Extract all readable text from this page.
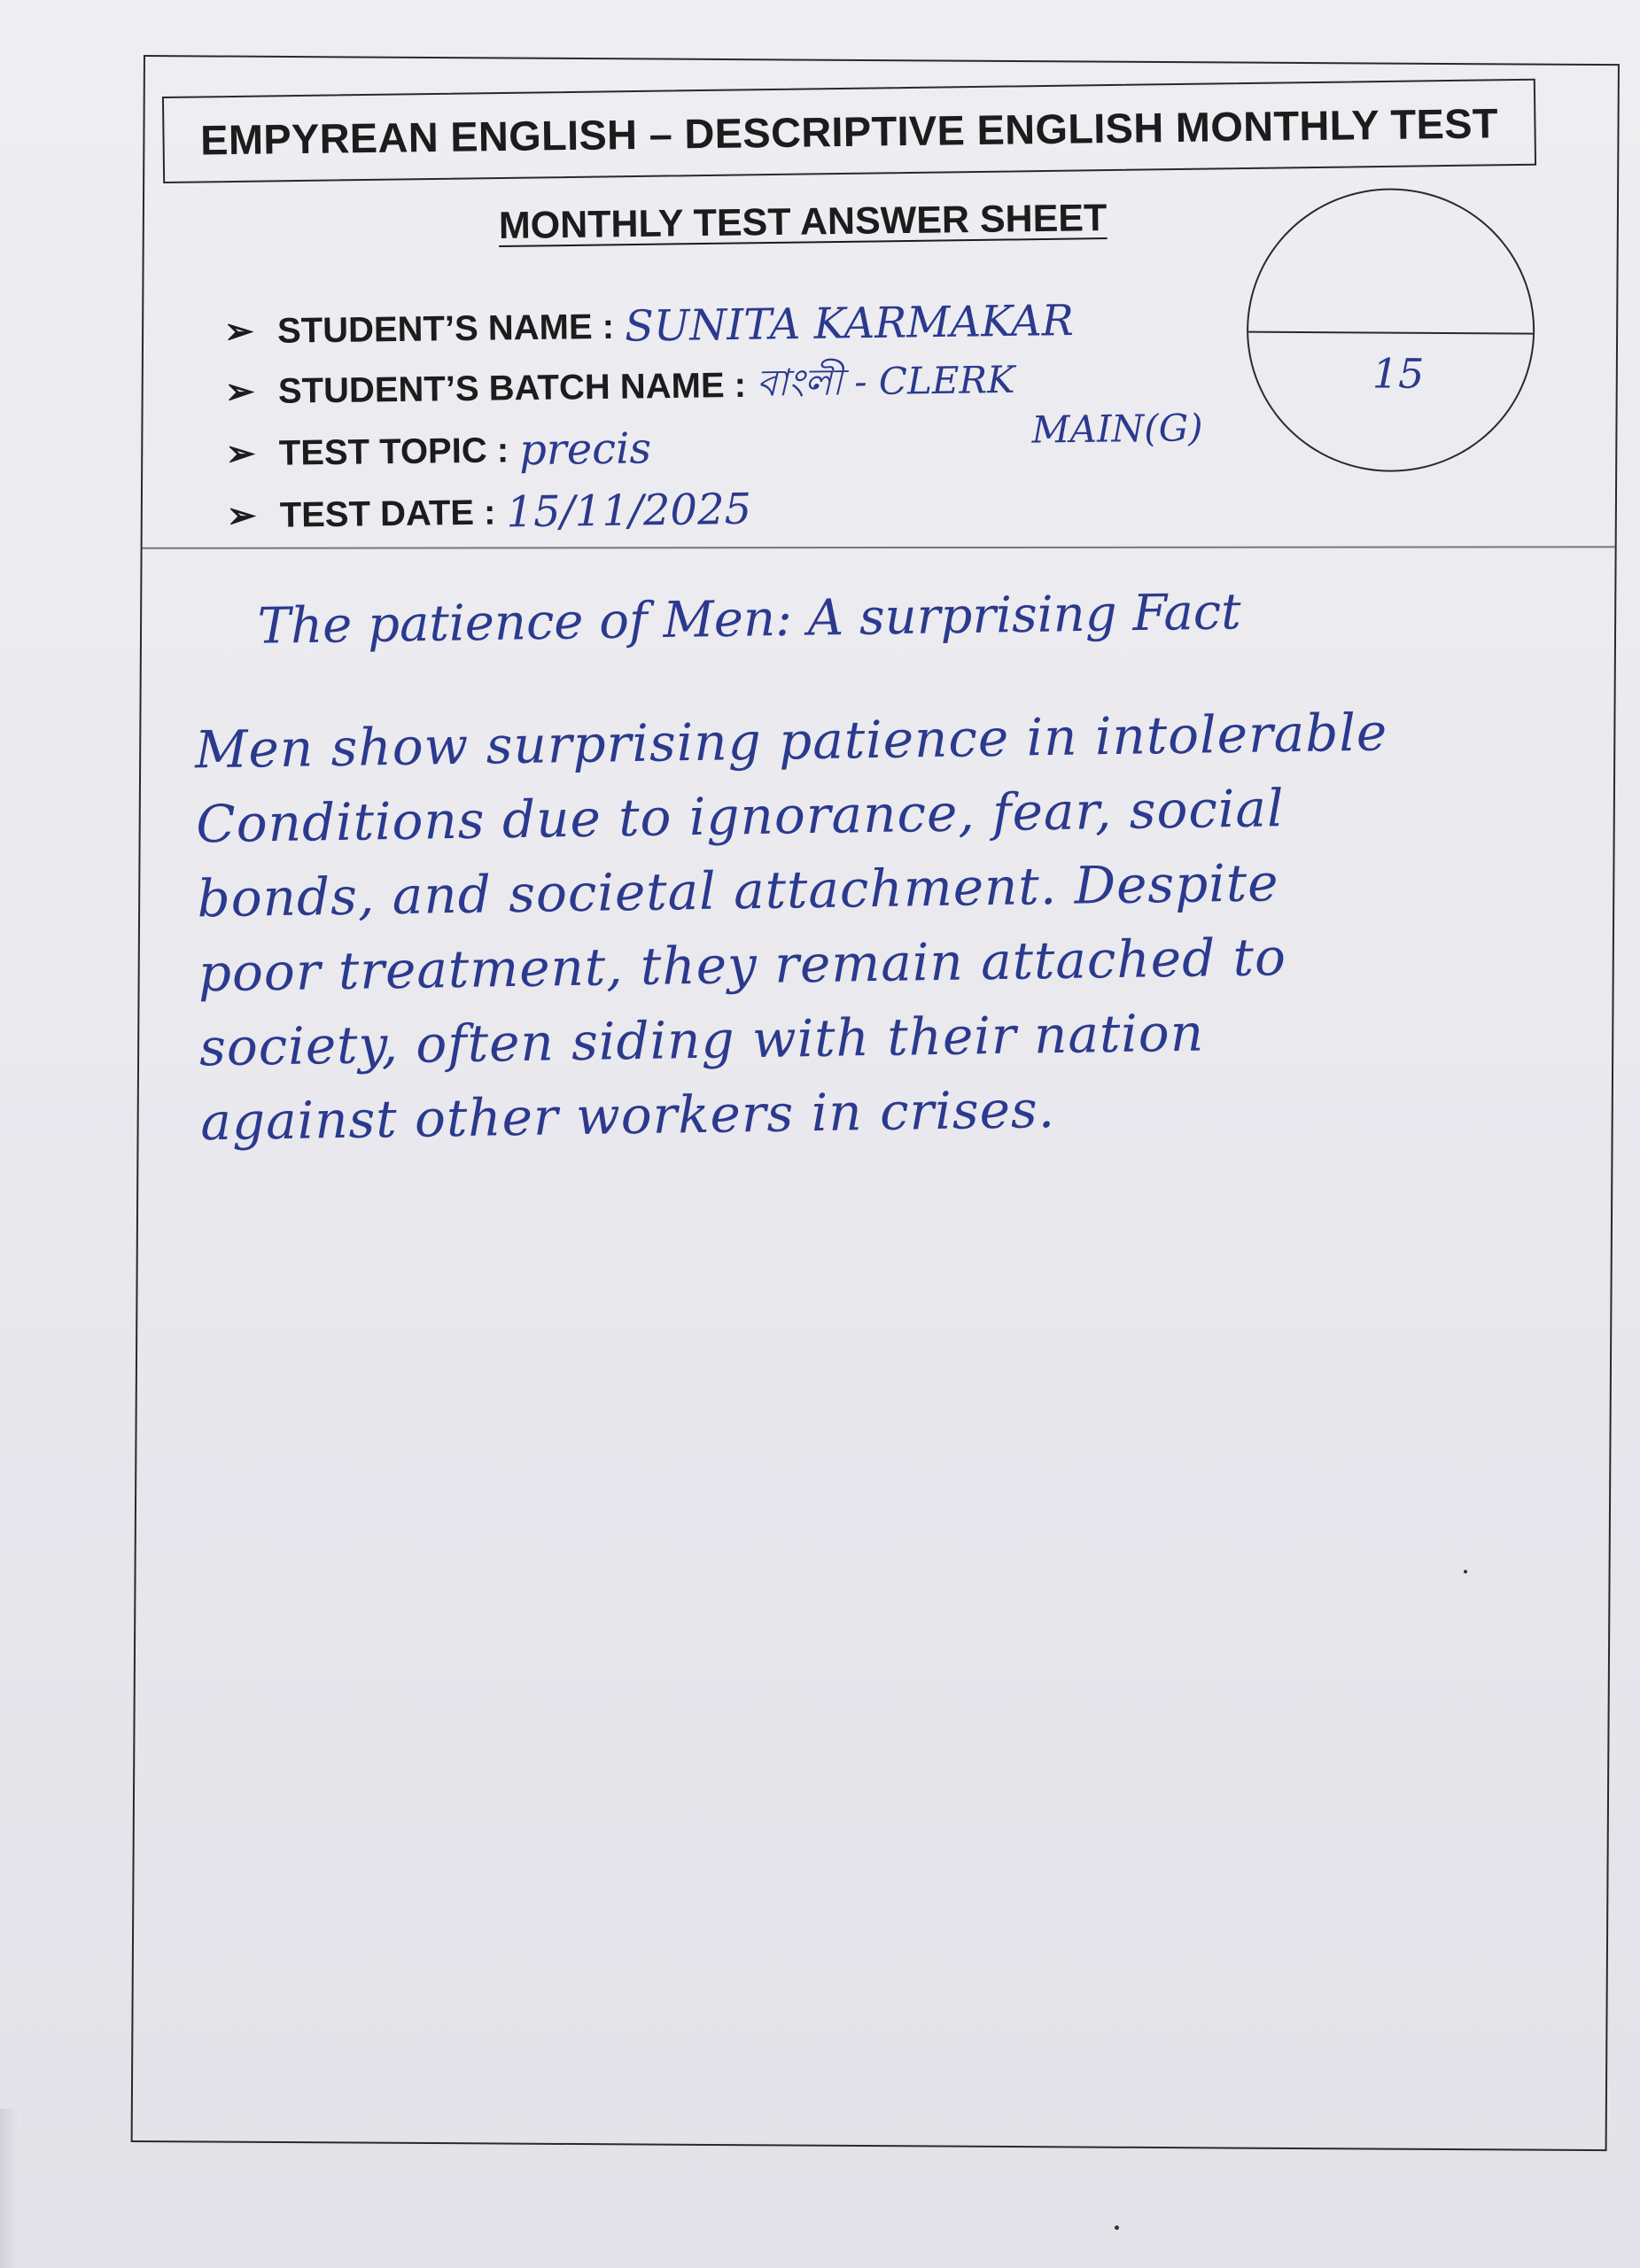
EMPYREAN ENGLISH – DESCRIPTIVE ENGLISH MONTHLY TEST
MONTHLY TEST ANSWER SHEET
➢ STUDENT’S NAME : SUNITA KARMAKAR
➢ STUDENT’S BATCH NAME : বাংলী - CLERK
MAIN(G)
➢ TEST TOPIC : precis
➢ TEST DATE : 15/11/2025
15
The patience of Men: A surprising Fact
Men show surprising patience in intolerable
Conditions due to ignorance, fear, social
bonds, and societal attachment. Despite
poor treatment, they remain attached to
society, often siding with their nation
against other workers in crises.
